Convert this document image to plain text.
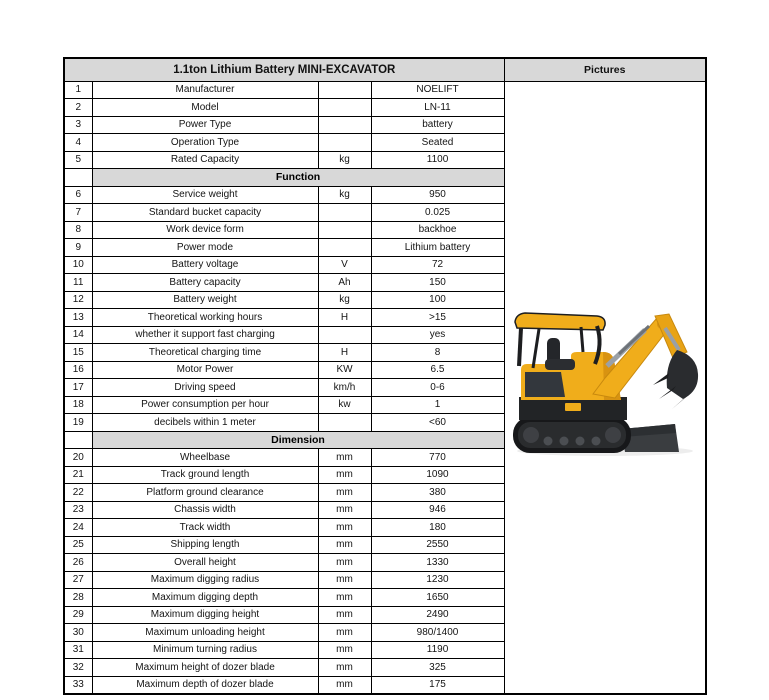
1.1ton Lithium Battery MINI-EXCAVATOR				Pictures
1	Manufacturer		NOELIFT	

2	Model		LN-11	
3	Power Type		battery	
4	Operation Type		Seated	
5	Rated Capacity	kg	1100	
	Function			
6	Service weight	kg	950	
7	Standard bucket capacity		0.025	
8	Work device form		backhoe	
9	Power mode		Lithium battery	
10	Battery voltage	V	72	
11	Battery capacity	Ah	150	
12	Battery weight	kg	100	
13	Theoretical working hours	H	>15	
14	whether it support fast charging		yes	
15	Theoretical charging time	H	8	
16	Motor Power	KW	6.5	
17	Driving speed	km/h	0-6	
18	Power consumption per hour	kw	1	
19	decibels within 1 meter		<60	
	Dimension			
20	Wheelbase	mm	770	
21	Track ground length	mm	1090	
22	Platform ground clearance	mm	380	
23	Chassis width	mm	946	
24	Track width	mm	180	
25	Shipping length	mm	2550	
26	Overall height	mm	1330	
27	Maximum digging radius	mm	1230	
28	Maximum digging depth	mm	1650	
29	Maximum digging height	mm	2490	
30	Maximum unloading height	mm	980/1400	
31	Minimum turning radius	mm	1190	
32	Maximum height of dozer blade	mm	325	
33	Maximum depth of dozer blade	mm	175	
